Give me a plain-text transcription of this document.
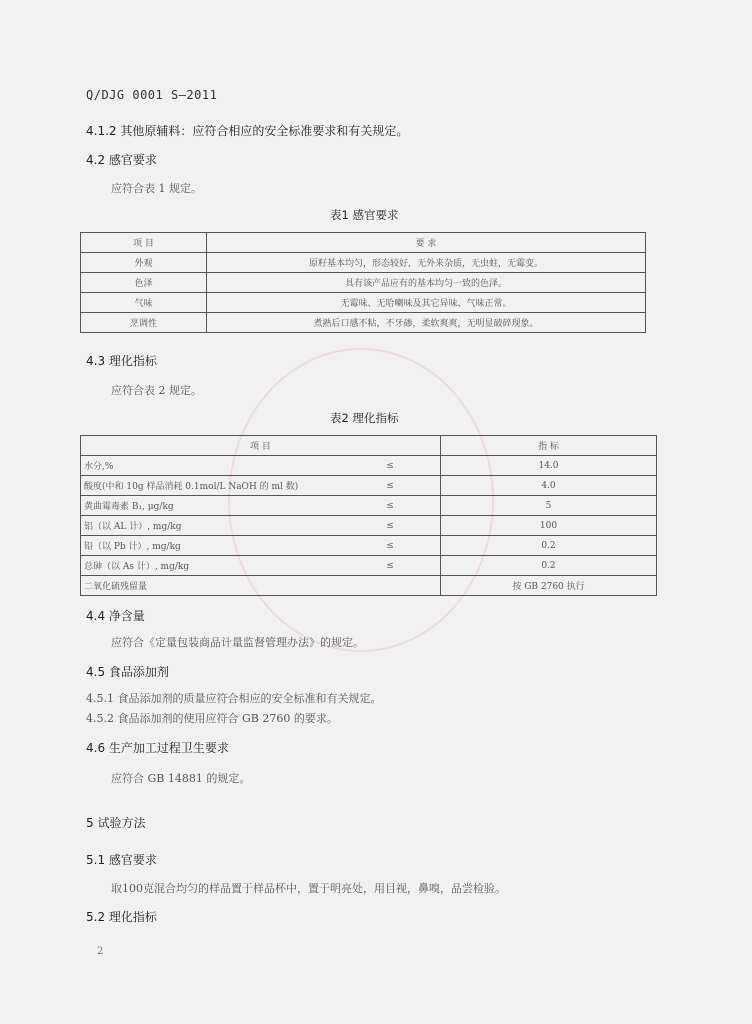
Q/DJG 0001 S—2011
4.1.2 其他原辅料：应符合相应的安全标准要求和有关规定。
4.2 感官要求
应符合表 1 规定。
表1 感官要求
项 目	要 求
外观	原籽基本均匀，形态较好，无外来杂质，无虫蛀，无霉变。
色泽	具有该产品应有的基本均匀一致的色泽。
气味	无霉味、无哈喇味及其它异味、气味正常。
烹调性	煮熟后口感不粘，不牙碜，柔软爽爽，无明显破碎现象。
4.3 理化指标
应符合表 2 规定。
表2 理化指标
项 目		指 标
水分,%	≤	14.0
酸度(中和 10g 样品消耗 0.1mol/L NaOH 的 ml 数)	≤	4.0
黄曲霉毒素 B₁, μg/kg	≤	5
铝（以 AL 计）, mg/kg	≤	100
铅（以 Pb 计）, mg/kg	≤	0.2
总砷（以 As 计）, mg/kg	≤	0.2
二氧化硫残留量		按 GB 2760 执行
4.4 净含量
应符合《定量包装商品计量监督管理办法》的规定。
4.5 食品添加剂
4.5.1 食品添加剂的质量应符合相应的安全标准和有关规定。
4.5.2 食品添加剂的使用应符合 GB 2760 的要求。
4.6 生产加工过程卫生要求
应符合 GB 14881 的规定。
5 试验方法
5.1 感官要求
取100克混合均匀的样品置于样品杯中，置于明亮处，用目视，鼻嗅，品尝检验。
5.2 理化指标
2
